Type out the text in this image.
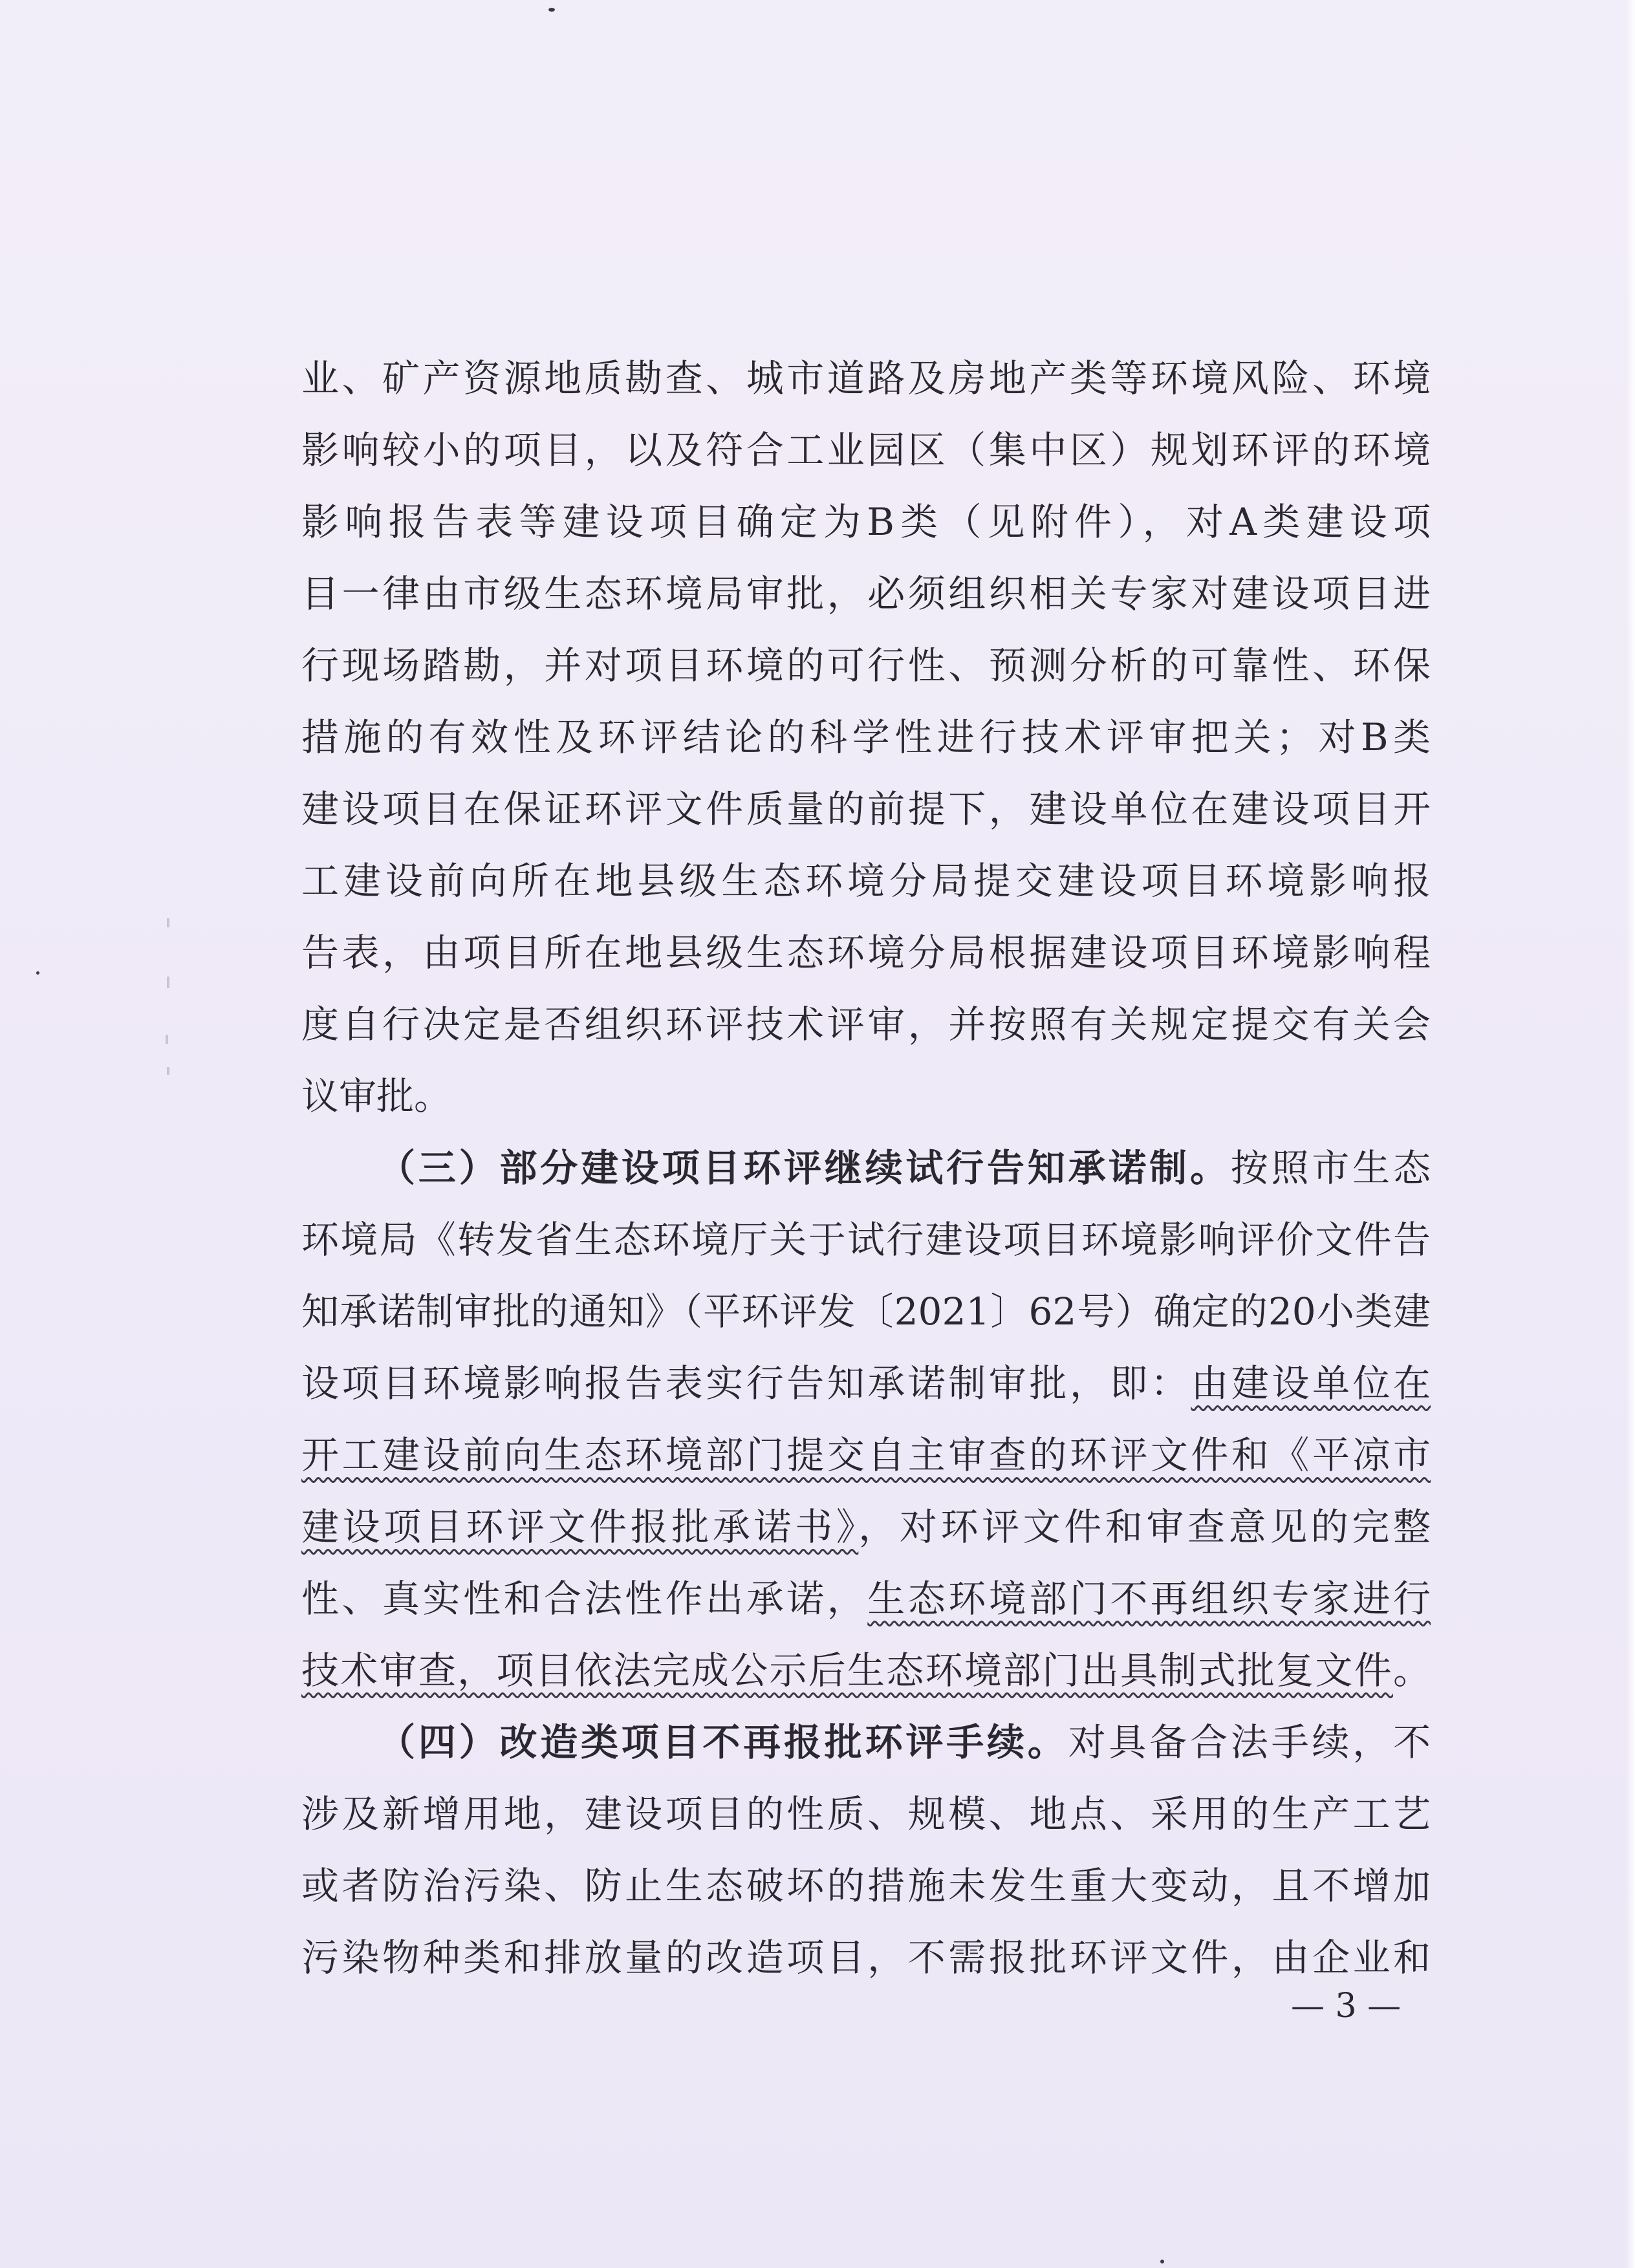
业、矿产资源地质勘查、城市道路及房地产类等环境风险、环境
影响较小的项目，以及符合工业园区（集中区）规划环评的环境
影响报告表等建设项目确定为B类（见附件），对A类建设项
目一律由市级生态环境局审批，必须组织相关专家对建设项目进
行现场踏勘，并对项目环境的可行性、预测分析的可靠性、环保
措施的有效性及环评结论的科学性进行技术评审把关；对B类
建设项目在保证环评文件质量的前提下，建设单位在建设项目开
工建设前向所在地县级生态环境分局提交建设项目环境影响报
告表，由项目所在地县级生态环境分局根据建设项目环境影响程
度自行决定是否组织环评技术评审，并按照有关规定提交有关会
议审批。
（三）部分建设项目环评继续试行告知承诺制。按照市生态
环境局《转发省生态环境厅关于试行建设项目环境影响评价文件告
知承诺制审批的通知》（平环评发〔2021〕62号）确定的20小类建
设项目环境影响报告表实行告知承诺制审批，即：由建设单位在
开工建设前向生态环境部门提交自主审查的环评文件和《平凉市
建设项目环评文件报批承诺书》，对环评文件和审查意见的完整
性、真实性和合法性作出承诺，生态环境部门不再组织专家进行
技术审查，项目依法完成公示后生态环境部门出具制式批复文件。
（四）改造类项目不再报批环评手续。对具备合法手续，不
涉及新增用地，建设项目的性质、规模、地点、采用的生产工艺
或者防治污染、防止生态破坏的措施未发生重大变动，且不增加
污染物种类和排放量的改造项目，不需报批环评文件，由企业和
— 3 —
